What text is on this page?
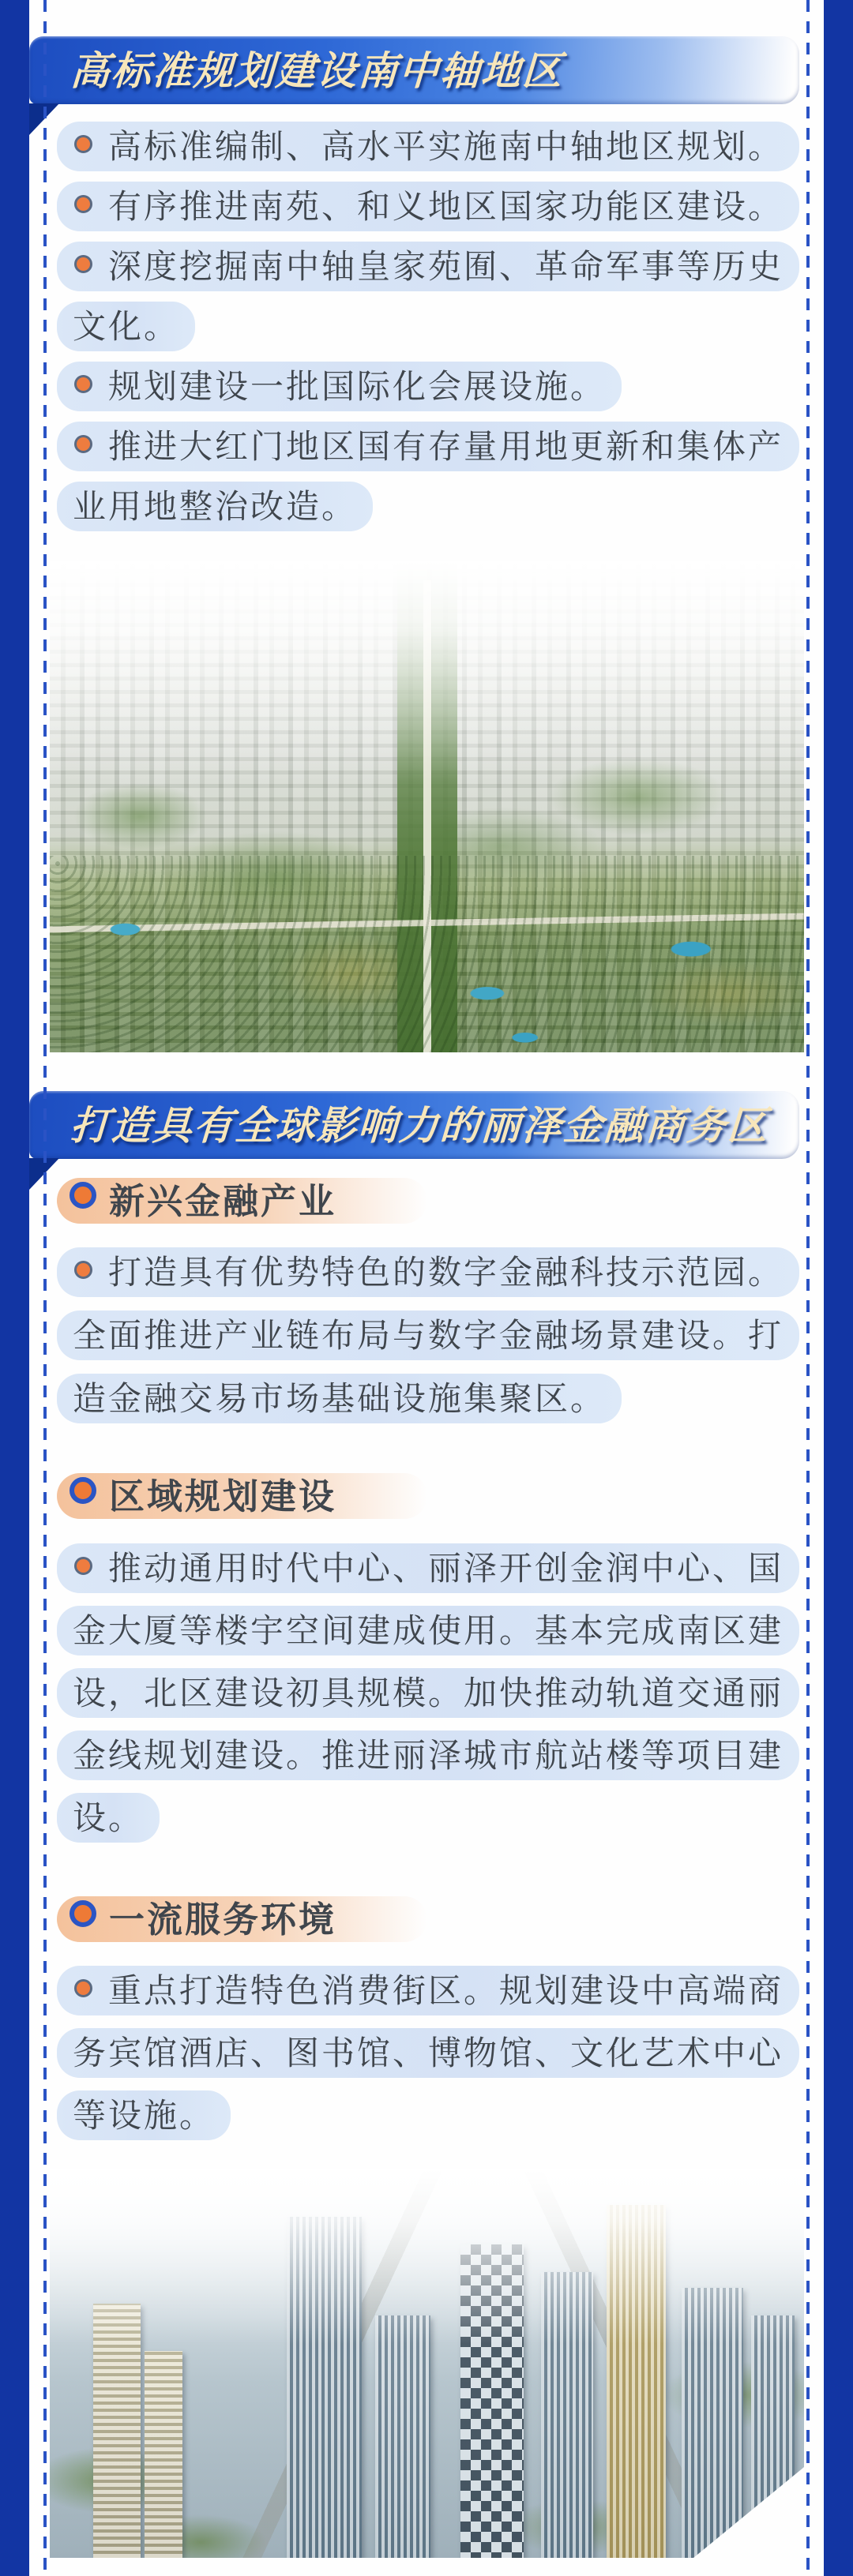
高标准规划建设南中轴地区

高标准编制、高水平实施南中轴地区规划。

有序推进南苑、和义地区国家功能区建设。

深度挖掘南中轴皇家苑囿、革命军事等历史文化。

规划建设一批国际化会展设施。

推进大红门地区国有存量用地更新和集体产业用地整治改造。

打造具有全球影响力的丽泽金融商务区
新兴金融产业

打造具有优势特色的数字金融科技示范园。全面推进产业链布局与数字金融场景建设。打造金融交易市场基础设施集聚区。

区域规划建设

推动通用时代中心、丽泽开创金润中心、国金大厦等楼宇空间建成使用。基本完成南区建设，北区建设初具规模。加快推动轨道交通丽金线规划建设。推进丽泽城市航站楼等项目建设。

一流服务环境

重点打造特色消费街区。规划建设中高端商务宾馆酒店、图书馆、博物馆、文化艺术中心等设施。
